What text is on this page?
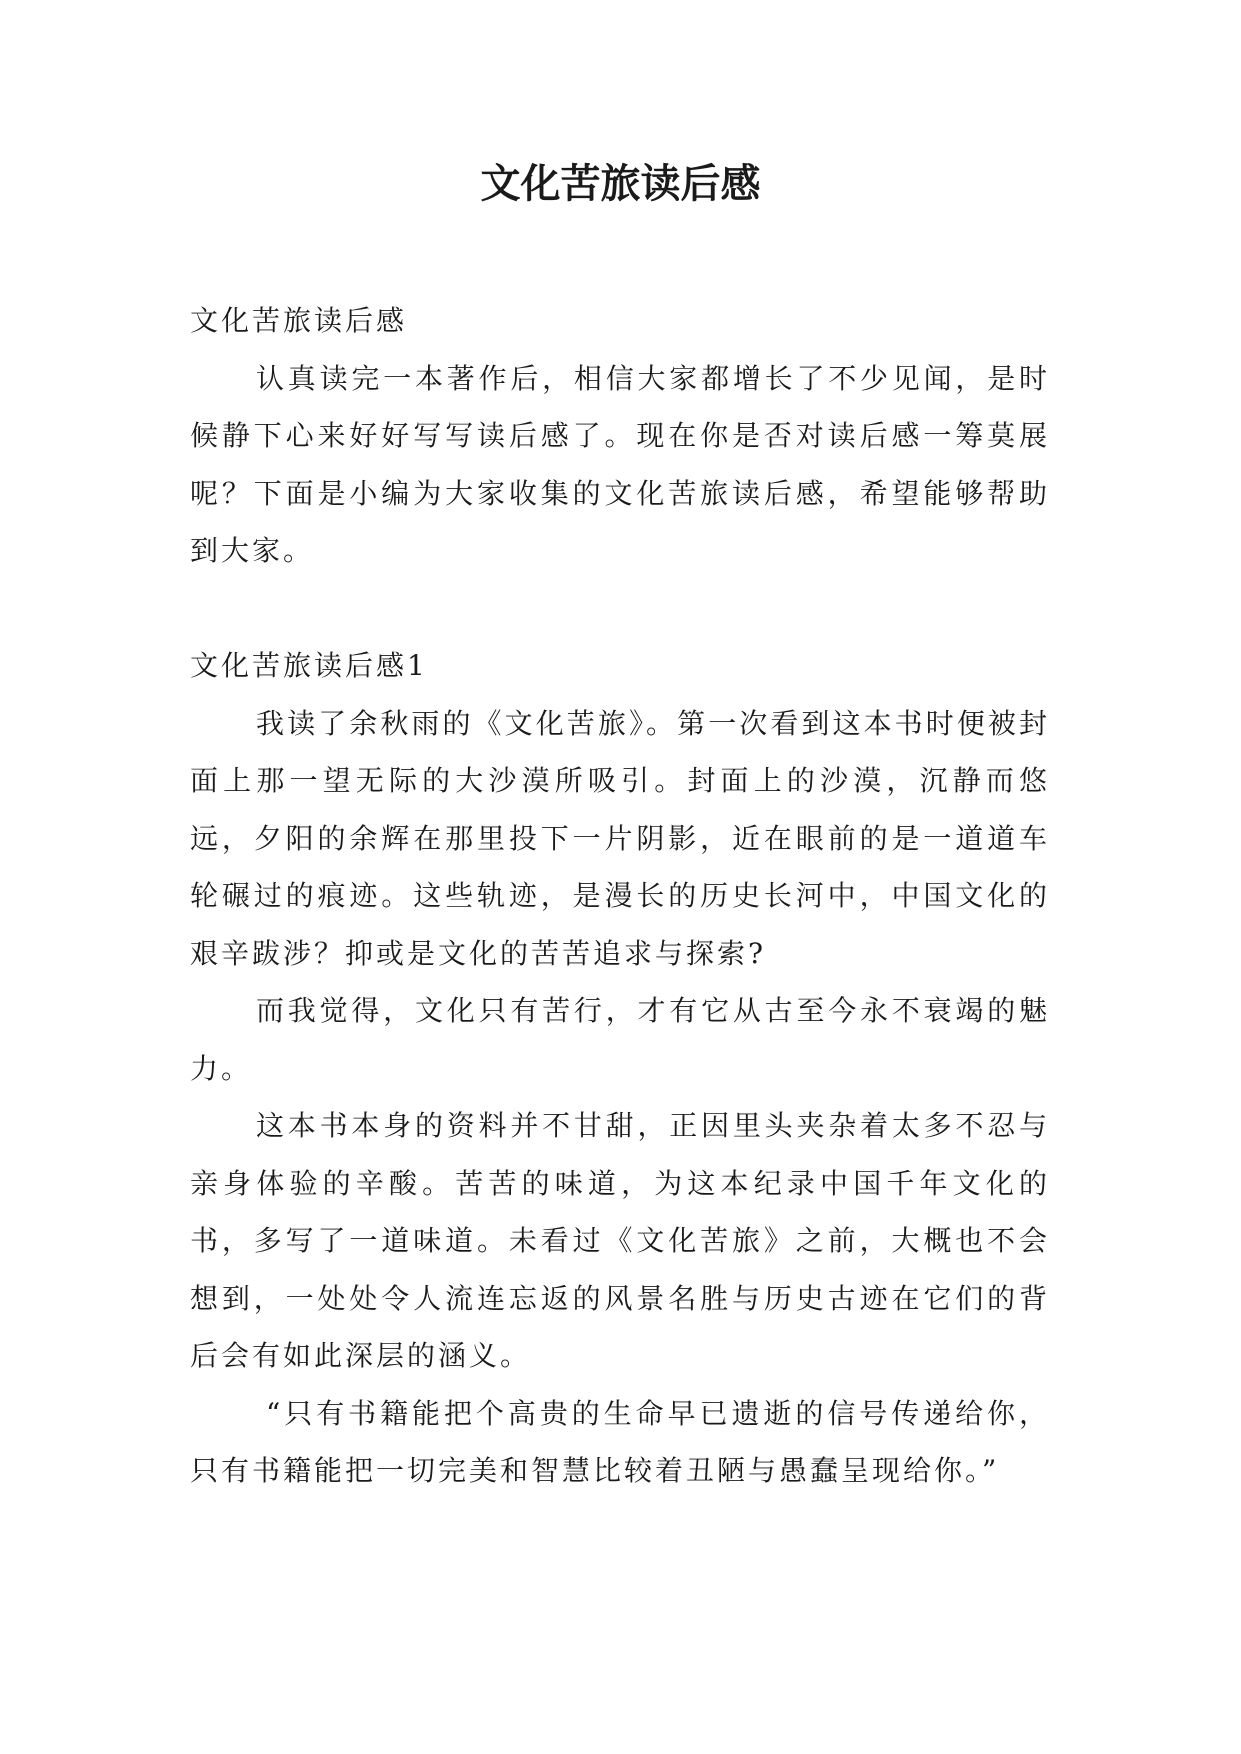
文化苦旅读后感

文化苦旅读后感

认真读完一本著作后，相信大家都增长了不少见闻，是时候静下心来好好写写读后感了。现在你是否对读后感一筹莫展呢？下面是小编为大家收集的文化苦旅读后感，希望能够帮助到大家。

文化苦旅读后感1

我读了余秋雨的《文化苦旅》。第一次看到这本书时便被封面上那一望无际的大沙漠所吸引。封面上的沙漠，沉静而悠远，夕阳的余辉在那里投下一片阴影，近在眼前的是一道道车轮碾过的痕迹。这些轨迹，是漫长的历史长河中，中国文化的艰辛跋涉？抑或是文化的苦苦追求与探索?

而我觉得，文化只有苦行，才有它从古至今永不衰竭的魅力。

这本书本身的资料并不甘甜，正因里头夹杂着太多不忍与亲身体验的辛酸。苦苦的味道，为这本纪录中国千年文化的书，多写了一道味道。未看过《文化苦旅》之前，大概也不会想到，一处处令人流连忘返的风景名胜与历史古迹在它们的背后会有如此深层的涵义。

“只有书籍能把个高贵的生命早已遗逝的信号传递给你，只有书籍能把一切完美和智慧比较着丑陋与愚蠢呈现给你。”
